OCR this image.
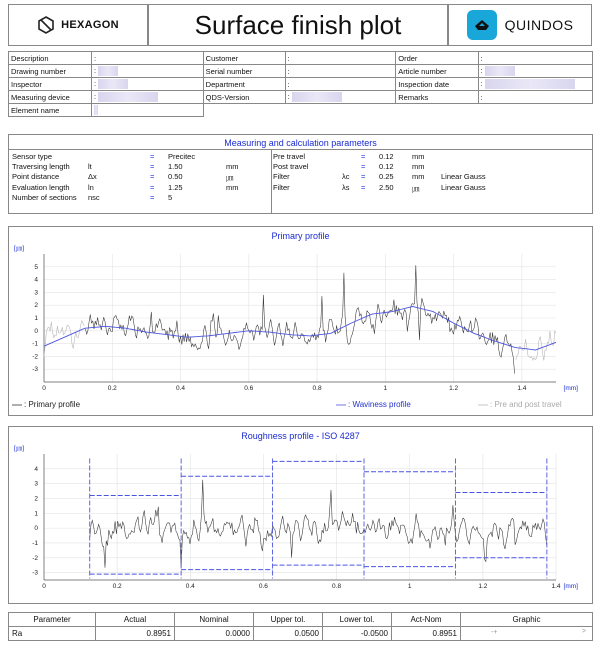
HEXAGON	Surface finish plot	QUINDOS
Description	:	Customer	:	Order	:
Drawing number	:	Serial number	:	Article number	:
Inspector	:	Department	:	Inspection date	:
Measuring device	:	QDS-Version	:	Remarks	:
Element name					
Measuring and calculation parameters
Sensor type	= Precitec
Traversing length lt	= 1.50	mm
Point distance	Δx	= 0.50	㎛
Evaluation length ln	= 1.25	mm
Number of sections nsc	= 5
Pre travel	= 0.12 mm
Post travel	= 0.12 mm
Filter	λc = 0.25 mm Linear Gauss
Filter	λs = 2.50 ㎛	Linear Gauss
Primary profile
-3
-2
-1
0
1
2
3
4
5
0	0.2	0.4	0.6	0.8	1	1.2	1.4
[㎛]
[mm]
: Primary profile	: Waviness profile	: Pre and post travel
Roughness profile - ISO 4287
-3
-2
-1
0
1
2
3
4
0	0.2	0.4	0.6	0.8	1	1.2	1.4
[㎛]
[mm]
Parameter	Actual	Nominal	Upper tol.	Lower tol.	Act-Nom	Graphic
Ra	0.8951	0.0000	0.0500	-0.0500	0.8951	-+ >
